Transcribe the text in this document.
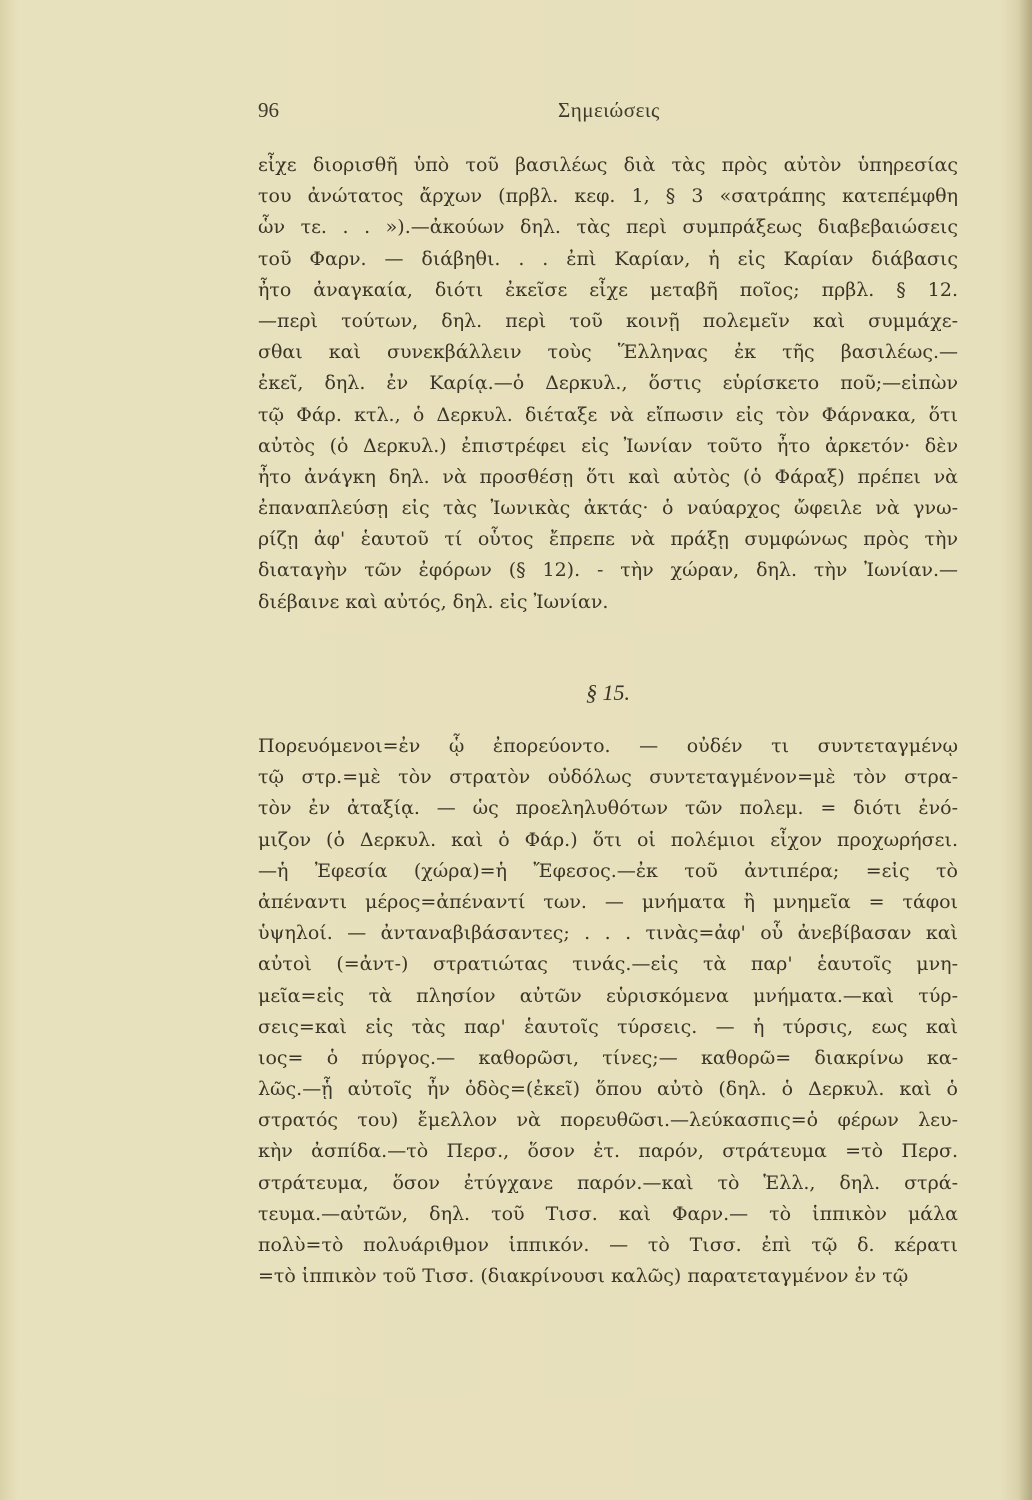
96	Σημειώσεις
εἶχε διορισθῆ ὑπὸ τοῦ βασιλέως διὰ τὰς πρὸς αὐτὸν ὑπηρεσίας
του ἀνώτατος ἄρχων (πρβλ. κεφ. 1, § 3 «σατράπης κατεπέμφθη
ὧν τε. . . »).—ἀκούων δηλ. τὰς περὶ συμπράξεως διαβεβαιώσεις
τοῦ Φαρν. — διάβηθι. . . ἐπὶ Καρίαν, ἡ εἰς Καρίαν διάβασις
ἦτο ἀναγκαία, διότι ἐκεῖσε εἶχε μεταβῆ ποῖος; πρβλ. § 12.
—περὶ τούτων, δηλ. περὶ τοῦ κοινῇ πολεμεῖν καὶ συμμάχε-
σθαι καὶ συνεκβάλλειν τοὺς Ἕλληνας ἐκ τῆς βασιλέως.—
ἐκεῖ, δηλ. ἐν Καρίᾳ.—ὁ Δερκυλ., ὅστις εὑρίσκετο ποῦ;—εἰπὼν
τῷ Φάρ. κτλ., ὁ Δερκυλ. διέταξε νὰ εἴπωσιν εἰς τὸν Φάρνακα, ὅτι
αὐτὸς (ὁ Δερκυλ.) ἐπιστρέφει εἰς Ἰωνίαν τοῦτο ἦτο ἀρκετόν· δὲν
ἦτο ἀνάγκη δηλ. νὰ προσθέσῃ ὅτι καὶ αὐτὸς (ὁ Φάραξ) πρέπει νὰ
ἐπαναπλεύσῃ εἰς τὰς Ἰωνικὰς ἀκτάς· ὁ ναύαρχος ὤφειλε νὰ γνω-
ρίζῃ ἀφ' ἑαυτοῦ τί οὗτος ἔπρεπε νὰ πράξῃ συμφώνως πρὸς τὴν
διαταγὴν τῶν ἐφόρων (§ 12). - τὴν χώραν, δηλ. τὴν Ἰωνίαν.—
διέβαινε καὶ αὐτός, δηλ. εἰς Ἰωνίαν.
§ 15.
Πορευόμενοι=ἐν ᾧ ἐπορεύοντο. — οὐδέν τι συντεταγμένῳ
τῷ στρ.=μὲ τὸν στρατὸν οὐδόλως συντεταγμένον=μὲ τὸν στρα-
τὸν ἐν ἀταξίᾳ. — ὡς προεληλυθότων τῶν πολεμ. = διότι ἐνό-
μιζον (ὁ Δερκυλ. καὶ ὁ Φάρ.) ὅτι οἱ πολέμιοι εἶχον προχωρήσει.
—ἡ Ἐφεσία (χώρα)=ἡ Ἔφεσος.—ἐκ τοῦ ἀντιπέρα; =εἰς τὸ
ἀπέναντι μέρος=ἀπέναντί των. — μνήματα ἢ μνημεῖα = τάφοι
ὑψηλοί. — ἀνταναβιβάσαντες; . . . τινὰς=ἀφ' οὗ ἀνεβίβασαν καὶ
αὐτοὶ (=ἀντ-) στρατιώτας τινάς.—εἰς τὰ παρ' ἑαυτοῖς μνη-
μεῖα=εἰς τὰ πλησίον αὐτῶν εὑρισκόμενα μνήματα.—καὶ τύρ-
σεις=καὶ εἰς τὰς παρ' ἑαυτοῖς τύρσεις. — ἡ τύρσις, εως καὶ
ιος= ὁ πύργος.— καθορῶσι, τίνες;— καθορῶ= διακρίνω κα-
λῶς.—ᾗ αὐτοῖς ἦν ὁδὸς=(ἐκεῖ) ὅπου αὐτὸ (δηλ. ὁ Δερκυλ. καὶ ὁ
στρατός του) ἔμελλον νὰ πορευθῶσι.—λεύκασπις=ὁ φέρων λευ-
κὴν ἀσπίδα.—τὸ Περσ., ὅσον ἐτ. παρόν, στράτευμα =τὸ Περσ.
στράτευμα, ὅσον ἐτύγχανε παρόν.—καὶ τὸ Ἑλλ., δηλ. στρά-
τευμα.—αὐτῶν, δηλ. τοῦ Τισσ. καὶ Φαρν.— τὸ ἱππικὸν μάλα
πολὺ=τὸ πολυάριθμον ἱππικόν. — τὸ Τισσ. ἐπὶ τῷ δ. κέρατι
=τὸ ἱππικὸν τοῦ Τισσ. (διακρίνουσι καλῶς) παρατεταγμένον ἐν τῷ
